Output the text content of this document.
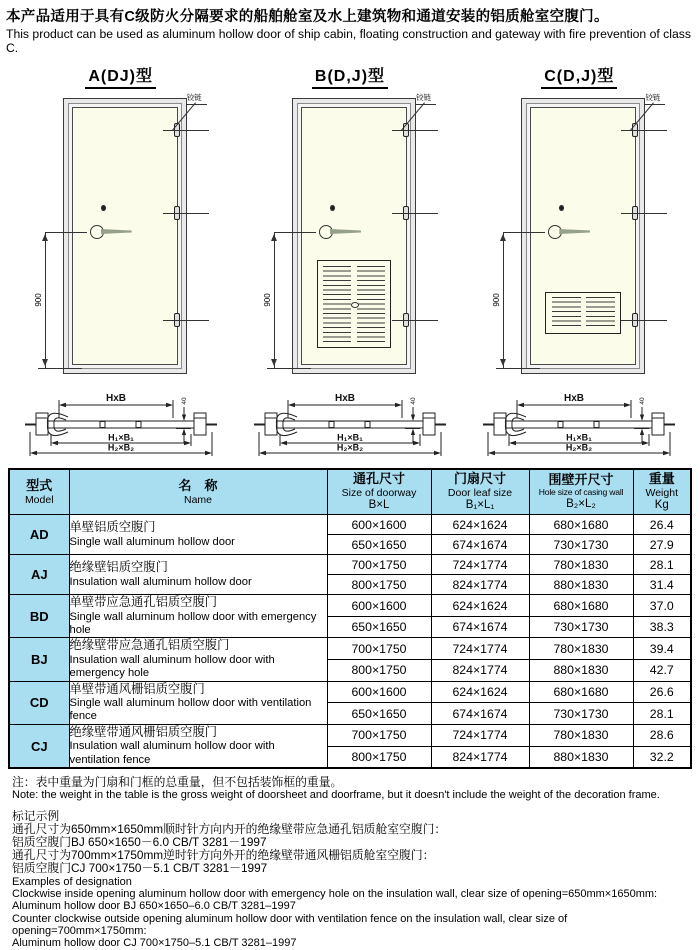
本产品适用于具有C级防火分隔要求的船舶舱室及水上建筑物和通道安装的铝质舱室空腹门。
This product can be used as aluminum hollow door of ship cabin, floating construction and gateway with fire prevention of class C.
A(DJ)型
900
铰链
B(D,J)型
900
铰链
C(D,J)型
900
铰链
型式
Model

名　称
Name

通孔尺寸
Size of doorway
B×L

门扇尺寸
Door leaf size
B₁×L₁

围壁开尺寸
Hole size of casing wall
B₂×L₂

重量
Weight
Kg

AD	单壁铝质空腹门
Single wall aluminum hollow door	600×1600	624×1624	680×1680	26.4
		650×1650	674×1674	730×1730	27.9
AJ	绝缘壁铝质空腹门
Insulation wall aluminum hollow door	700×1750	724×1774	780×1830	28.1
		800×1750	824×1774	880×1830	31.4
BD	单壁带应急通孔铝质空腹门
Single wall aluminum hollow door with emergency hole	600×1600	624×1624	680×1680	37.0
		650×1650	674×1674	730×1730	38.3
BJ	绝缘壁带应急通孔铝质空腹门
Insulation wall aluminum hollow door with emergency hole	700×1750	724×1774	780×1830	39.4
		800×1750	824×1774	880×1830	42.7
CD	单壁带通风栅铝质空腹门
Single wall aluminum hollow door with ventilation fence	600×1600	624×1624	680×1680	26.6
		650×1650	674×1674	730×1730	28.1
CJ	绝缘壁带通风栅铝质空腹门
Insulation wall aluminum hollow door with ventilation fence	700×1750	724×1774	780×1830	28.6
		800×1750	824×1774	880×1830	32.2
注：表中重量为门扇和门框的总重量，但不包括装饰框的重量。
Note: the weight in the table is the gross weight of doorsheet and doorframe, but it doesn't include the weight of the decoration frame.
标记示例
通孔尺寸为650mm×1650mm顺时针方向内开的绝缘壁带应急通孔铝质舱室空腹门：
铝质空腹门BJ 650×1650－6.0 CB/T 3281－1997
通孔尺寸为700mm×1750mm逆时针方向外开的绝缘壁带通风栅铝质舱室空腹门：
铝质空腹门CJ 700×1750－5.1 CB/T 3281－1997
Examples of designation
Clockwise inside opening aluminum hollow door with emergency hole on the insulation wall, clear size of opening=650mm×1650mm:
Aluminum hollow door BJ 650×1650–6.0 CB/T 3281–1997
Counter clockwise outside opening aluminum hollow door with ventilation fence on the insulation wall, clear size of opening=700mm×1750mm:
Aluminum hollow door CJ 700×1750–5.1 CB/T 3281–1997
